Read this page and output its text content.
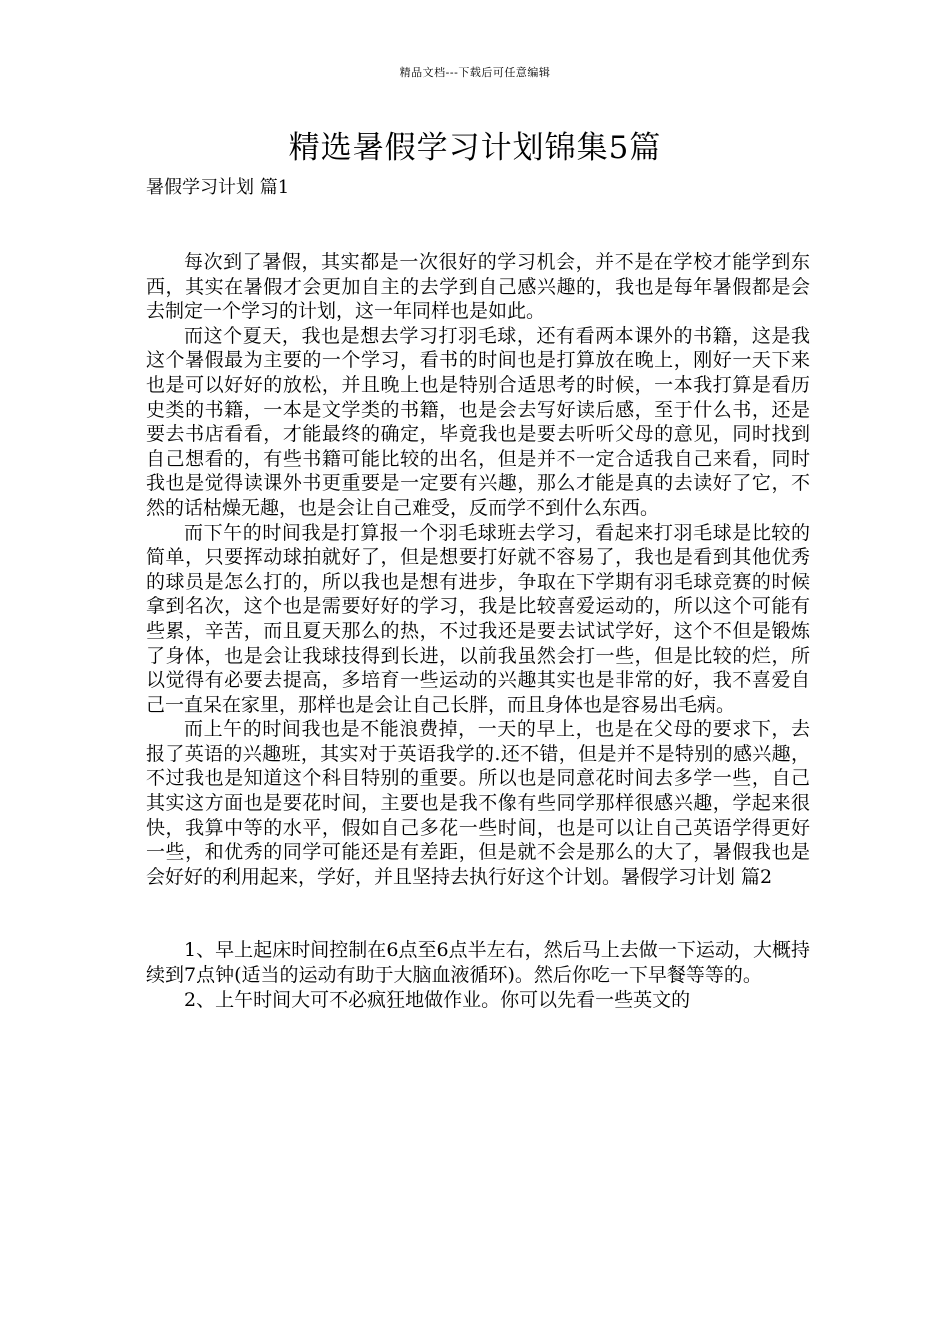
精品文档---下载后可任意编辑
精选暑假学习计划锦集5篇
暑假学习计划 篇1

每次到了暑假，其实都是一次很好的学习机会，并不是在学校才能学到东西，其实在暑假才会更加自主的去学到自己感兴趣的，我也是每年暑假都是会去制定一个学习的计划，这一年同样也是如此。

而这个夏天，我也是想去学习打羽毛球，还有看两本课外的书籍，这是我这个暑假最为主要的一个学习，看书的时间也是打算放在晚上，刚好一天下来也是可以好好的放松，并且晚上也是特别合适思考的时候，一本我打算是看历史类的书籍，一本是文学类的书籍，也是会去写好读后感，至于什么书，还是要去书店看看，才能最终的确定，毕竟我也是要去听听父母的意见，同时找到自己想看的，有些书籍可能比较的出名，但是并不一定合适我自己来看，同时我也是觉得读课外书更重要是一定要有兴趣，那么才能是真的去读好了它，不然的话枯燥无趣，也是会让自己难受，反而学不到什么东西。

而下午的时间我是打算报一个羽毛球班去学习，看起来打羽毛球是比较的简单，只要挥动球拍就好了，但是想要打好就不容易了，我也是看到其他优秀的球员是怎么打的，所以我也是想有进步，争取在下学期有羽毛球竞赛的时候拿到名次，这个也是需要好好的学习，我是比较喜爱运动的，所以这个可能有些累，辛苦，而且夏天那么的热，不过我还是要去试试学好，这个不但是锻炼了身体，也是会让我球技得到长进，以前我虽然会打一些，但是比较的烂，所以觉得有必要去提高，多培育一些运动的兴趣其实也是非常的好，我不喜爱自己一直呆在家里，那样也是会让自己长胖，而且身体也是容易出毛病。

而上午的时间我也是不能浪费掉，一天的早上，也是在父母的要求下，去报了英语的兴趣班，其实对于英语我学的.还不错，但是并不是特别的感兴趣，不过我也是知道这个科目特别的重要。所以也是同意花时间去多学一些，自己其实这方面也是要花时间，主要也是我不像有些同学那样很感兴趣，学起来很快，我算中等的水平，假如自己多花一些时间，也是可以让自己英语学得更好一些，和优秀的同学可能还是有差距，但是就不会是那么的大了，暑假我也是会好好的利用起来，学好，并且坚持去执行好这个计划。暑假学习计划 篇2

1、早上起床时间控制在6点至6点半左右，然后马上去做一下运动，大概持续到7点钟(适当的运动有助于大脑血液循环)。然后你吃一下早餐等等的。

2、上午时间大可不必疯狂地做作业。你可以先看一些英文的
